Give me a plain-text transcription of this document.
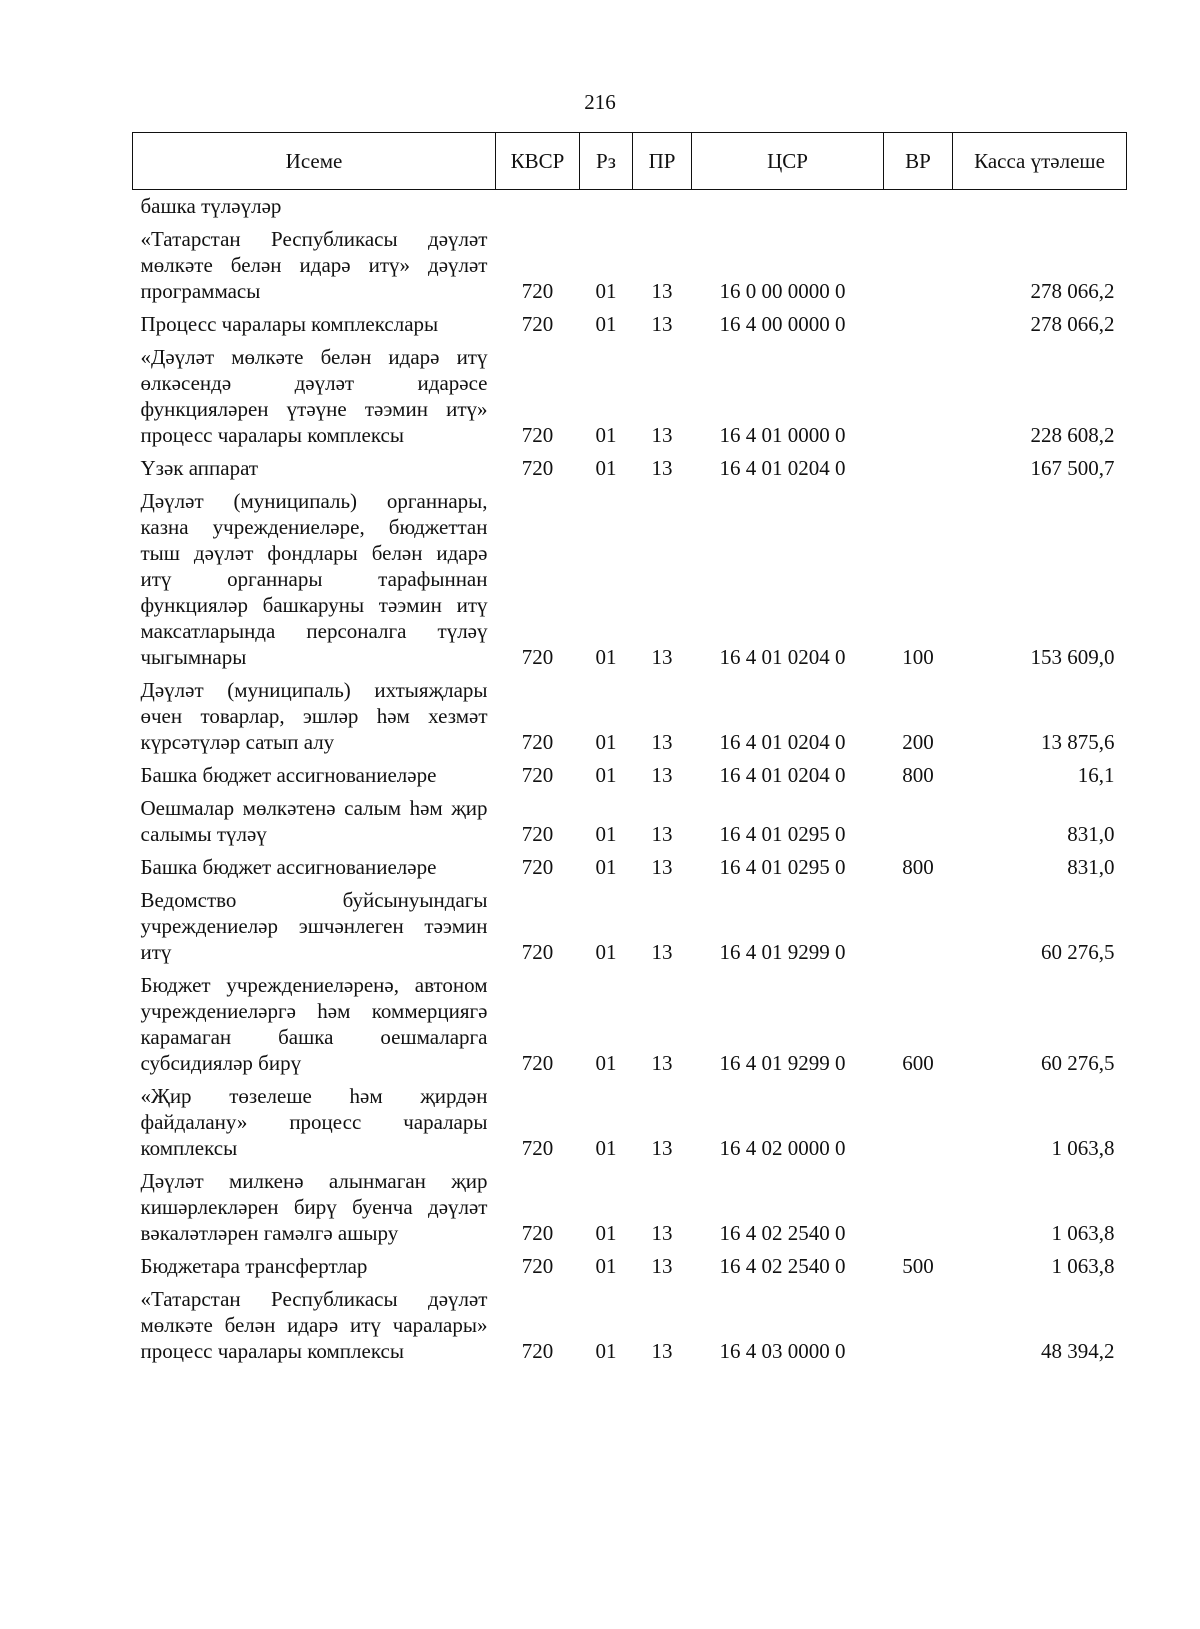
216
Исеме	КВСР	Рз	ПР	ЦСР	ВР	Касса үтәлеше
башка түләүләр						
«Татарстан Республикасы дәүләт мөлкәте белән идарә итү» дәүләт программасы	720	01	13	16 0 00 0000 0		278 066,2
Процесс чаралары комплекслары	720	01	13	16 4 00 0000 0		278 066,2
«Дәүләт мөлкәте белән идарә итү өлкәсендә дәүләт идарәсе функцияләрен үтәүне тәэмин итү» процесс чаралары комплексы	720	01	13	16 4 01 0000 0		228 608,2
Үзәк аппарат	720	01	13	16 4 01 0204 0		167 500,7
Дәүләт (муниципаль) органнары, казна учреждениеләре, бюджеттан тыш дәүләт фондлары белән идарә итү органнары тарафыннан функцияләр башкаруны тәэмин итү максатларында персоналга түләү чыгымнары	720	01	13	16 4 01 0204 0	100	153 609,0
Дәүләт (муниципаль) ихтыяҗлары өчен товарлар, эшләр һәм хезмәт күрсәтүләр сатып алу	720	01	13	16 4 01 0204 0	200	13 875,6
Башка бюджет ассигнованиеләре	720	01	13	16 4 01 0204 0	800	16,1
Оешмалар мөлкәтенә салым һәм җир салымы түләү	720	01	13	16 4 01 0295 0		831,0
Башка бюджет ассигнованиеләре	720	01	13	16 4 01 0295 0	800	831,0
Ведомство буйсынуындагы учреждениеләр эшчәнлеген тәэмин итү	720	01	13	16 4 01 9299 0		60 276,5
Бюджет учреждениеләренә, автоном учреждениеләргә һәм коммерциягә карамаган башка оешмаларга субсидияләр бирү	720	01	13	16 4 01 9299 0	600	60 276,5
«Җир төзелеше һәм җирдән файдалану» процесс чаралары комплексы	720	01	13	16 4 02 0000 0		1 063,8
Дәүләт милкенә алынмаган җир кишәрлекләрен бирү буенча дәүләт вәкаләтләрен гамәлгә ашыру	720	01	13	16 4 02 2540 0		1 063,8
Бюджетара трансфертлар	720	01	13	16 4 02 2540 0	500	1 063,8
«Татарстан Республикасы дәүләт мөлкәте белән идарә итү чаралары» процесс чаралары комплексы	720	01	13	16 4 03 0000 0		48 394,2
